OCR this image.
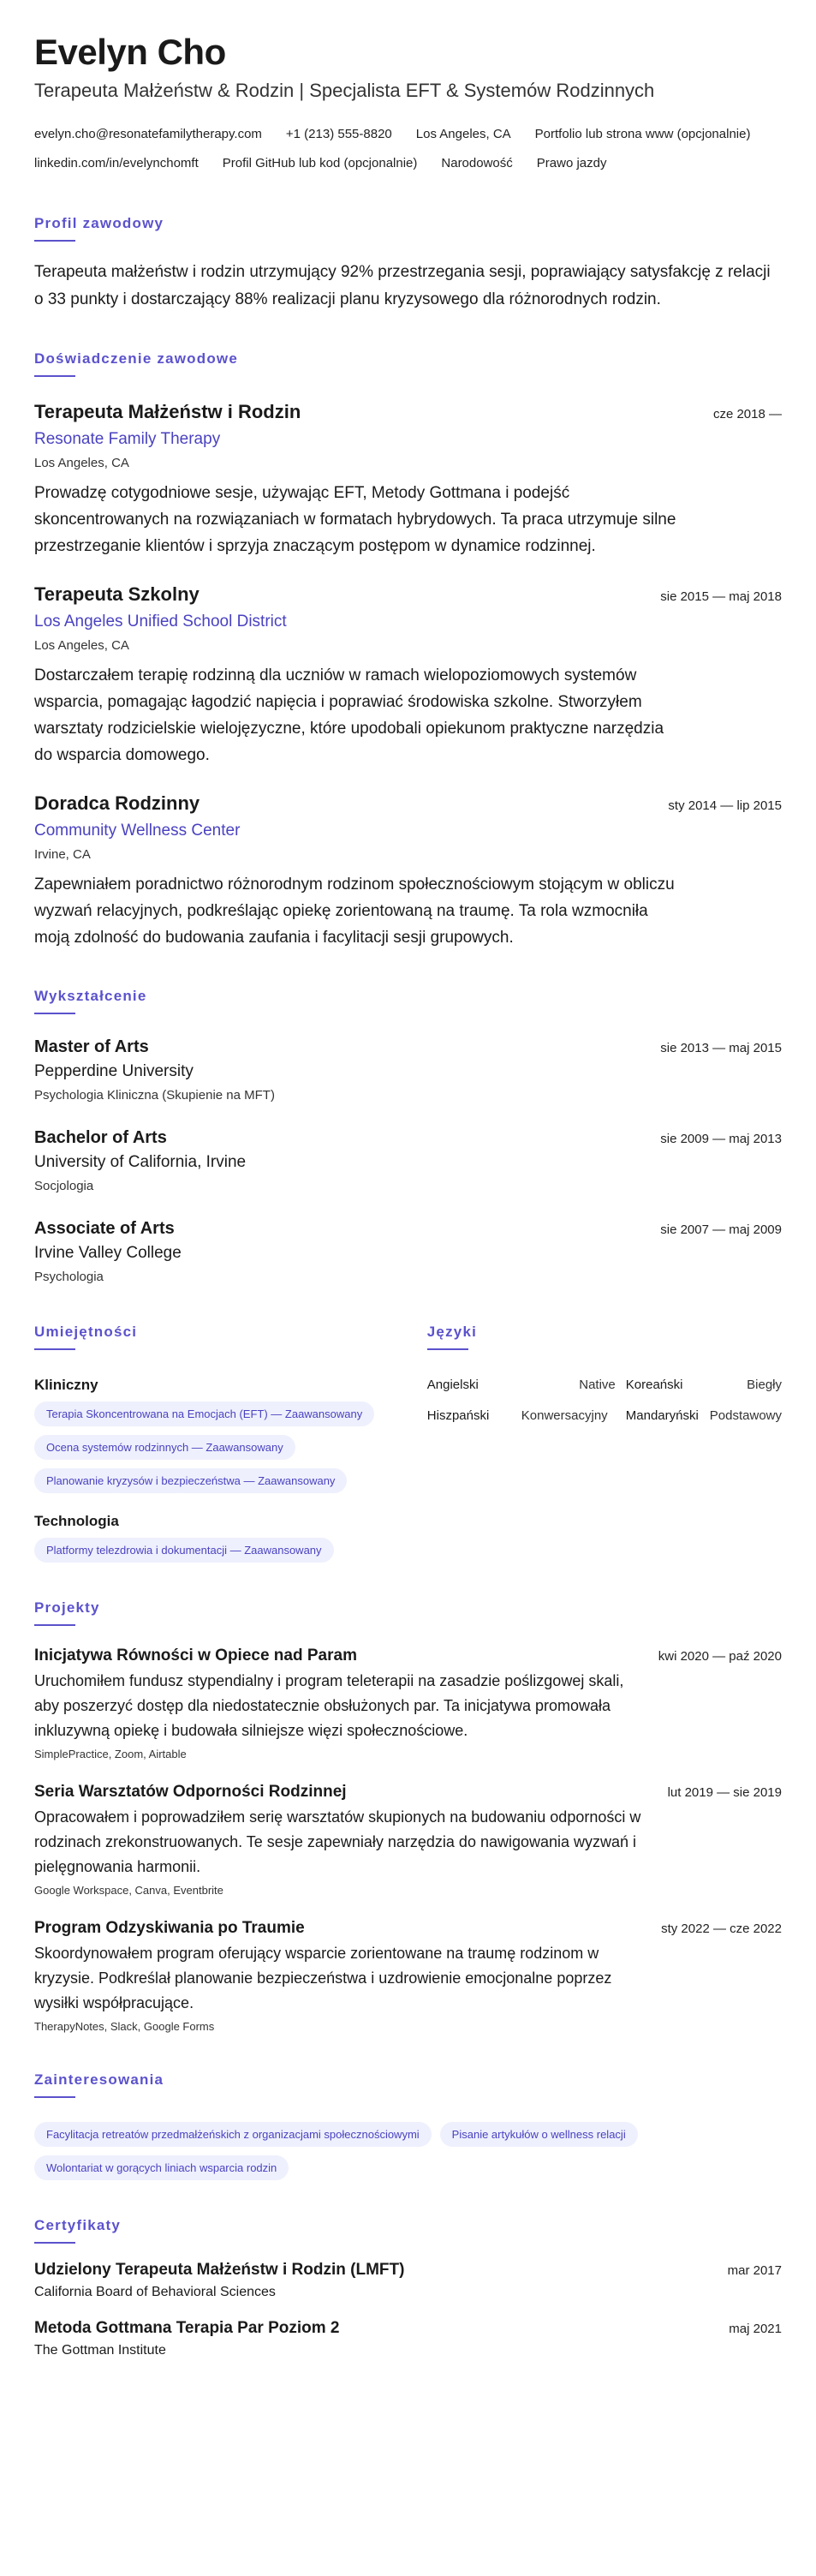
Evelyn Cho
Terapeuta Małżeństw & Rodzin | Specjalista EFT & Systemów Rodzinnych
evelyn.cho@resonatefamilytherapy.com +1 (213) 555-8820 Los Angeles, CA Portfolio lub strona www (opcjonalnie)
linkedin.com/in/evelynchomft Profil GitHub lub kod (opcjonalnie) Narodowość Prawo jazdy
Profil zawodowy

Terapeuta małżeństw i rodzin utrzymujący 92% przestrzegania sesji, poprawiający satysfakcję z relacji o 33 punkty i dostarczający 88% realizacji planu kryzysowego dla różnorodnych rodzin.

Doświadczenie zawodowe
Terapeuta Małżeństw i Rodzin	cze 2018 —
Resonate Family Therapy
Los Angeles, CA

Prowadzę cotygodniowe sesje, używając EFT, Metody Gottmana i podejść skoncentrowanych na rozwiązaniach w formatach hybrydowych. Ta praca utrzymuje silne przestrzeganie klientów i sprzyja znaczącym postępom w dynamice rodzinnej.

Terapeuta Szkolny	sie 2015 — maj 2018
Los Angeles Unified School District
Los Angeles, CA

Dostarczałem terapię rodzinną dla uczniów w ramach wielopoziomowych systemów wsparcia, pomagając łagodzić napięcia i poprawiać środowiska szkolne. Stworzyłem warsztaty rodzicielskie wielojęzyczne, które upodobali opiekunom praktyczne narzędzia do wsparcia domowego.

Doradca Rodzinny	sty 2014 — lip 2015
Community Wellness Center
Irvine, CA

Zapewniałem poradnictwo różnorodnym rodzinom społecznościowym stojącym w obliczu wyzwań relacyjnych, podkreślając opiekę zorientowaną na traumę. Ta rola wzmocniła moją zdolność do budowania zaufania i facylitacji sesji grupowych.

Wykształcenie
Master of Arts	sie 2013 — maj 2015
Pepperdine University
Psychologia Kliniczna (Skupienie na MFT)
Bachelor of Arts	sie 2009 — maj 2013
University of California, Irvine
Socjologia
Associate of Arts	sie 2007 — maj 2009
Irvine Valley College
Psychologia
Umiejętności
Kliniczny
Terapia Skoncentrowana na Emocjach (EFT) — Zaawansowany
Ocena systemów rodzinnych — Zaawansowany
Planowanie kryzysów i bezpieczeństwa — Zaawansowany
Technologia
Platformy telezdrowia i dokumentacji — Zaawansowany
Języki
Angielski	Native Koreański	Biegły
Hiszpański	Konwersacyjny	Mandaryński Podstawowy
Projekty
Inicjatywa Równości w Opiece nad Param	kwi 2020 — paź 2020

Uruchomiłem fundusz stypendialny i program teleterapii na zasadzie poślizgowej skali, aby poszerzyć dostęp dla niedostatecznie obsłużonych par. Ta inicjatywa promowała inkluzywną opiekę i budowała silniejsze więzi społecznościowe.

SimplePractice, Zoom, Airtable
Seria Warsztatów Odporności Rodzinnej	lut 2019 — sie 2019

Opracowałem i poprowadziłem serię warsztatów skupionych na budowaniu odporności w rodzinach zrekonstruowanych. Te sesje zapewniały narzędzia do nawigowania wyzwań i pielęgnowania harmonii.

Google Workspace, Canva, Eventbrite
Program Odzyskiwania po Traumie	sty 2022 — cze 2022

Skoordynowałem program oferujący wsparcie zorientowane na traumę rodzinom w kryzysie. Podkreślał planowanie bezpieczeństwa i uzdrowienie emocjonalne poprzez wysiłki współpracujące.

TherapyNotes, Slack, Google Forms
Zainteresowania
Facylitacja retreatów przedmałżeńskich z organizacjami społecznościowymi	Pisanie artykułów o wellness relacji
Wolontariat w gorących liniach wsparcia rodzin
Certyfikaty
Udzielony Terapeuta Małżeństw i Rodzin (LMFT)	mar 2017
California Board of Behavioral Sciences
Metoda Gottmana Terapia Par Poziom 2	maj 2021
The Gottman Institute
